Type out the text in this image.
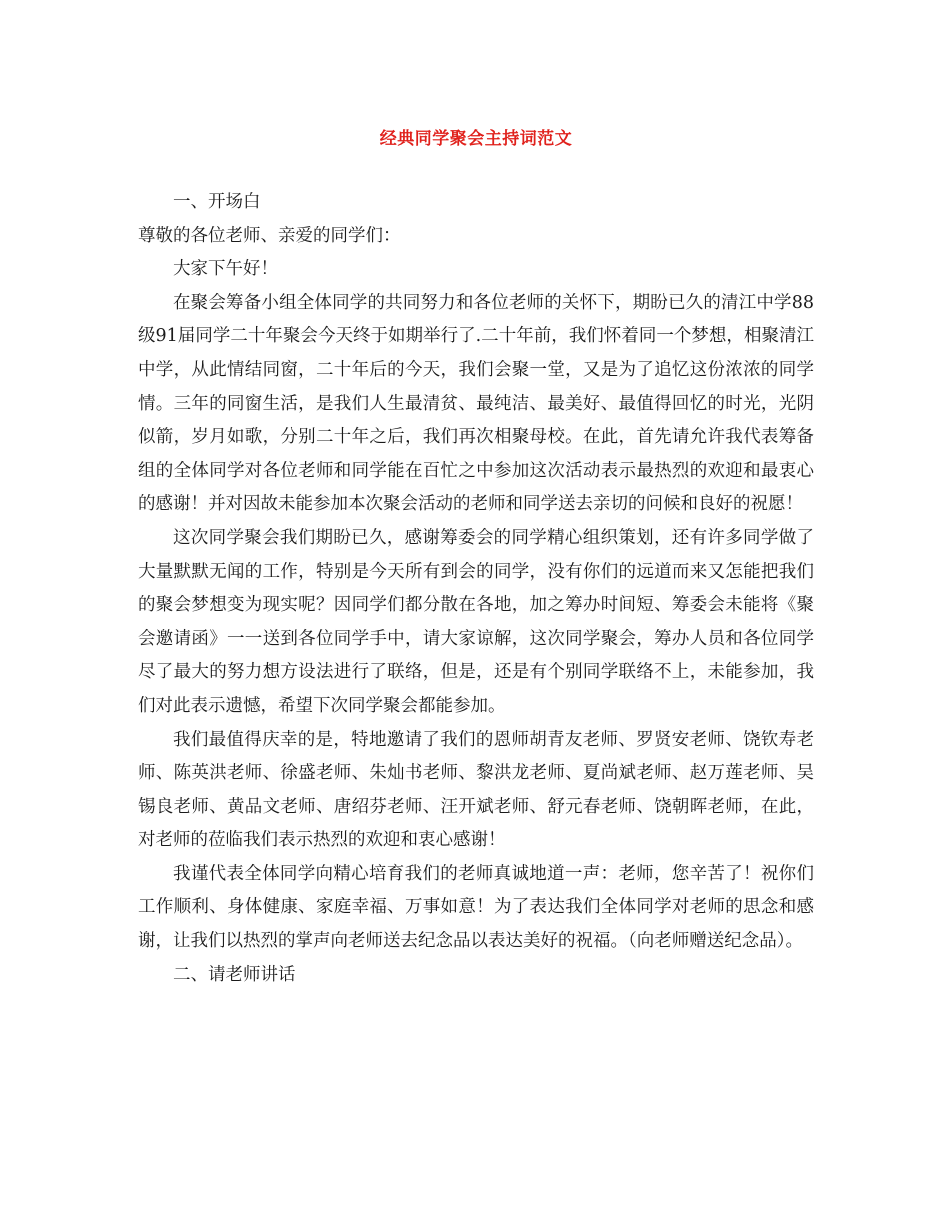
经典同学聚会主持词范文

一、开场白

尊敬的各位老师、亲爱的同学们：

大家下午好！

在聚会筹备小组全体同学的共同努力和各位老师的关怀下，期盼已久的清江中学88级91届同学二十年聚会今天终于如期举行了.二十年前，我们怀着同一个梦想，相聚清江中学，从此情结同窗，二十年后的今天，我们会聚一堂，又是为了追忆这份浓浓的同学情。三年的同窗生活，是我们人生最清贫、最纯洁、最美好、最值得回忆的时光，光阴似箭，岁月如歌，分别二十年之后，我们再次相聚母校。在此，首先请允许我代表筹备组的全体同学对各位老师和同学能在百忙之中参加这次活动表示最热烈的欢迎和最衷心的感谢！并对因故未能参加本次聚会活动的老师和同学送去亲切的问候和良好的祝愿！

这次同学聚会我们期盼已久，感谢筹委会的同学精心组织策划，还有许多同学做了大量默默无闻的工作，特别是今天所有到会的同学，没有你们的远道而来又怎能把我们的聚会梦想变为现实呢？因同学们都分散在各地，加之筹办时间短、筹委会未能将《聚会邀请函》一一送到各位同学手中，请大家谅解，这次同学聚会，筹办人员和各位同学尽了最大的努力想方设法进行了联络，但是，还是有个别同学联络不上，未能参加，我们对此表示遗憾，希望下次同学聚会都能参加。

我们最值得庆幸的是，特地邀请了我们的恩师胡青友老师、罗贤安老师、饶钦寿老师、陈英洪老师、徐盛老师、朱灿书老师、黎洪龙老师、夏尚斌老师、赵万莲老师、吴锡良老师、黄品文老师、唐绍芬老师、汪开斌老师、舒元春老师、饶朝晖老师，在此，对老师的莅临我们表示热烈的欢迎和衷心感谢！

我谨代表全体同学向精心培育我们的老师真诚地道一声：老师，您辛苦了！祝你们工作顺利、身体健康、家庭幸福、万事如意！为了表达我们全体同学对老师的思念和感谢，让我们以热烈的掌声向老师送去纪念品以表达美好的祝福。（向老师赠送纪念品）。

二、请老师讲话
